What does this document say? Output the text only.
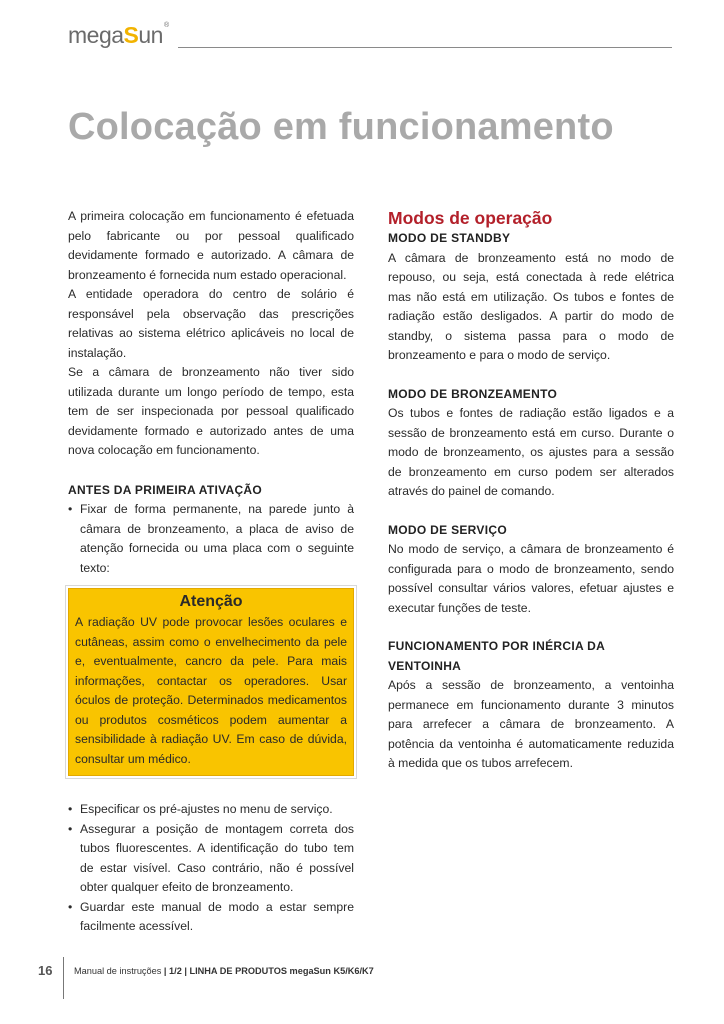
megaSun®
Colocação em funcionamento

A primeira colocação em funcionamento é efetuada pelo fabricante ou por pessoal qualificado devidamente formado e autorizado. A câmara de bronzeamento é fornecida num estado operacional.

A entidade operadora do centro de solário é responsável pela observação das prescrições relativas ao sistema elétrico aplicáveis no local de instalação.

Se a câmara de bronzeamento não tiver sido utilizada durante um longo período de tempo, esta tem de ser inspecionada por pessoal qualificado devidamente formado e autorizado antes de uma nova colocação em funcionamento.

ANTES DA PRIMEIRA ATIVAÇÃO
• Fixar de forma permanente, na parede junto à câmara de bronzeamento, a placa de aviso de atenção fornecida ou uma placa com o seguinte texto:
Atenção
A radiação UV pode provocar lesões oculares e cutâneas, assim como o envelhecimento da pele e, eventualmente, cancro da pele. Para mais informações, contactar os operadores. Usar óculos de proteção. Determinados medicamentos ou produtos cosméticos podem aumentar a sensibilidade à radiação UV. Em caso de dúvida, consultar um médico.
• Especificar os pré-ajustes no menu de serviço.
• Assegurar a posição de montagem correta dos tubos fluorescentes. A identificação do tubo tem de estar visível. Caso contrário, não é possível obter qualquer efeito de bronzeamento.
• Guardar este manual de modo a estar sempre facilmente acessível.
Modos de operação
MODO DE STANDBY

A câmara de bronzeamento está no modo de repouso, ou seja, está conectada à rede elétrica mas não está em utilização. Os tubos e fontes de radiação estão desligados. A partir do modo de standby, o sistema passa para o modo de bronzeamento e para o modo de serviço.

MODO DE BRONZEAMENTO

Os tubos e fontes de radiação estão ligados e a sessão de bronzeamento está em curso. Durante o modo de bronzeamento, os ajustes para a sessão de bronzeamento em curso podem ser alterados através do painel de comando.

MODO DE SERVIÇO

No modo de serviço, a câmara de bronzeamento é configurada para o modo de bronzeamento, sendo possível consultar vários valores, efetuar ajustes e executar funções de teste.

FUNCIONAMENTO POR INÉRCIA DA VENTOINHA

Após a sessão de bronzeamento, a ventoinha permanece em funcionamento durante 3 minutos para arrefecer a câmara de bronzeamento. A potência da ventoinha é automaticamente reduzida à medida que os tubos arrefecem.

16 Manual de instruções | 1/2 | LINHA DE PRODUTOS megaSun K5/K6/K7
